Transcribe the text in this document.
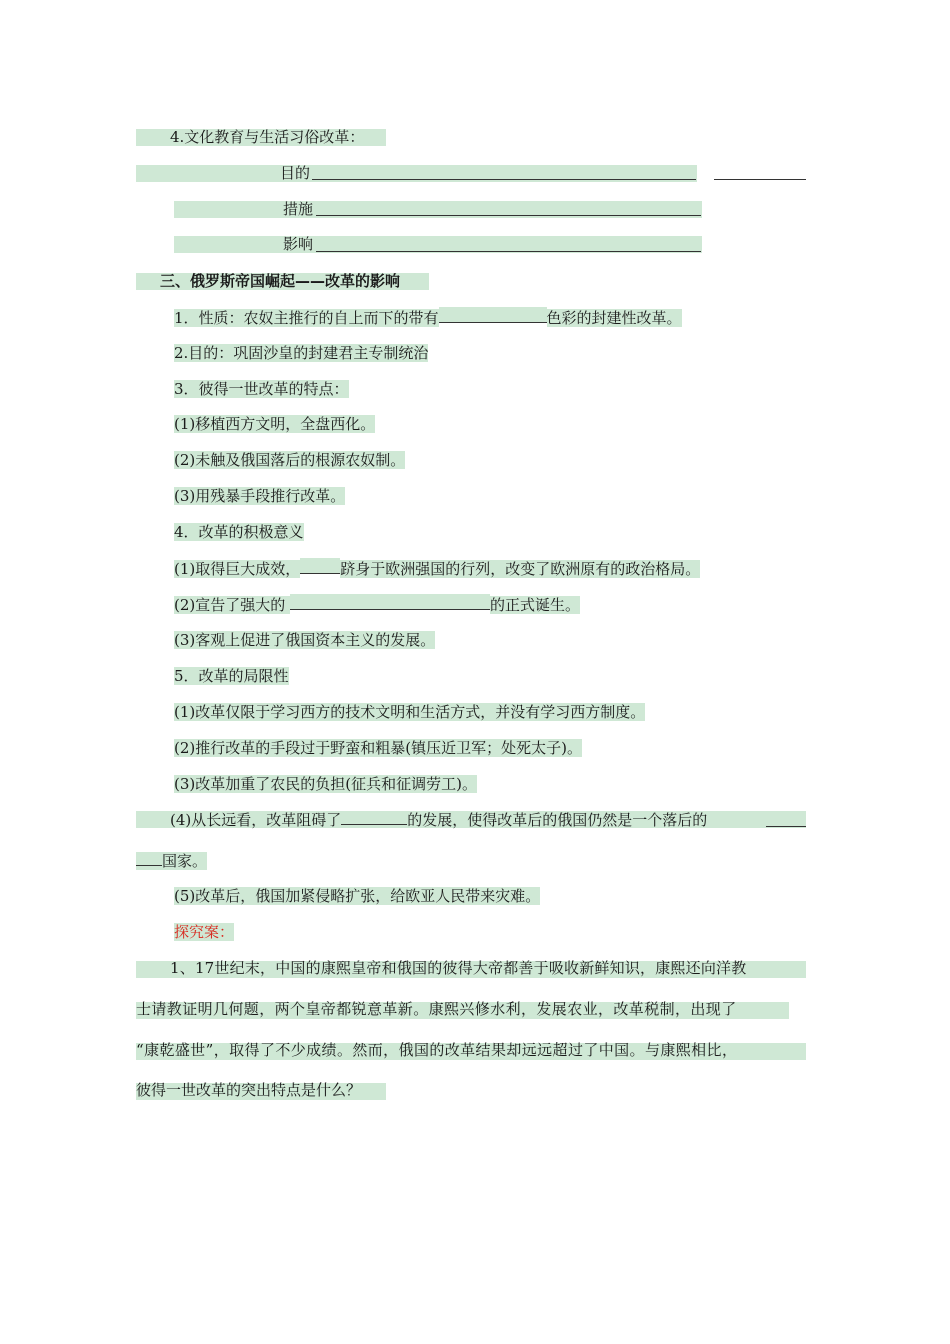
4.文化教育与生活习俗改革：
目的
措施
影响
三、俄罗斯帝国崛起——改革的影响
1．性质：农奴主推行的自上而下的带有	色彩的封建性改革。
2.目的：巩固沙皇的封建君主专制统治
3．彼得一世改革的特点：
(1)移植西方文明，全盘西化。
(2)未触及俄国落后的根源农奴制。
(3)用残暴手段推行改革。
4．改革的积极意义
(1)取得巨大成效，	跻身于欧洲强国的行列，改变了欧洲原有的政治格局。
(2)宣告了强大的	的正式诞生。
(3)客观上促进了俄国资本主义的发展。
5．改革的局限性
(1)改革仅限于学习西方的技术文明和生活方式，并没有学习西方制度。
(2)推行改革的手段过于野蛮和粗暴(镇压近卫军；处死太子)。
(3)改革加重了农民的负担(征兵和征调劳工)。
(4)从长远看，改革阻碍了	的发展，使得改革后的俄国仍然是一个落后的
国家。
(5)改革后，俄国加紧侵略扩张，给欧亚人民带来灾难。
探究案：
1、17世纪末，中国的康熙皇帝和俄国的彼得大帝都善于吸收新鲜知识，康熙还向洋教
士请教证明几何题，两个皇帝都锐意革新。康熙兴修水利，发展农业，改革税制，出现了
“康乾盛世”，取得了不少成绩。然而，俄国的改革结果却远远超过了中国。与康熙相比，
彼得一世改革的突出特点是什么？
